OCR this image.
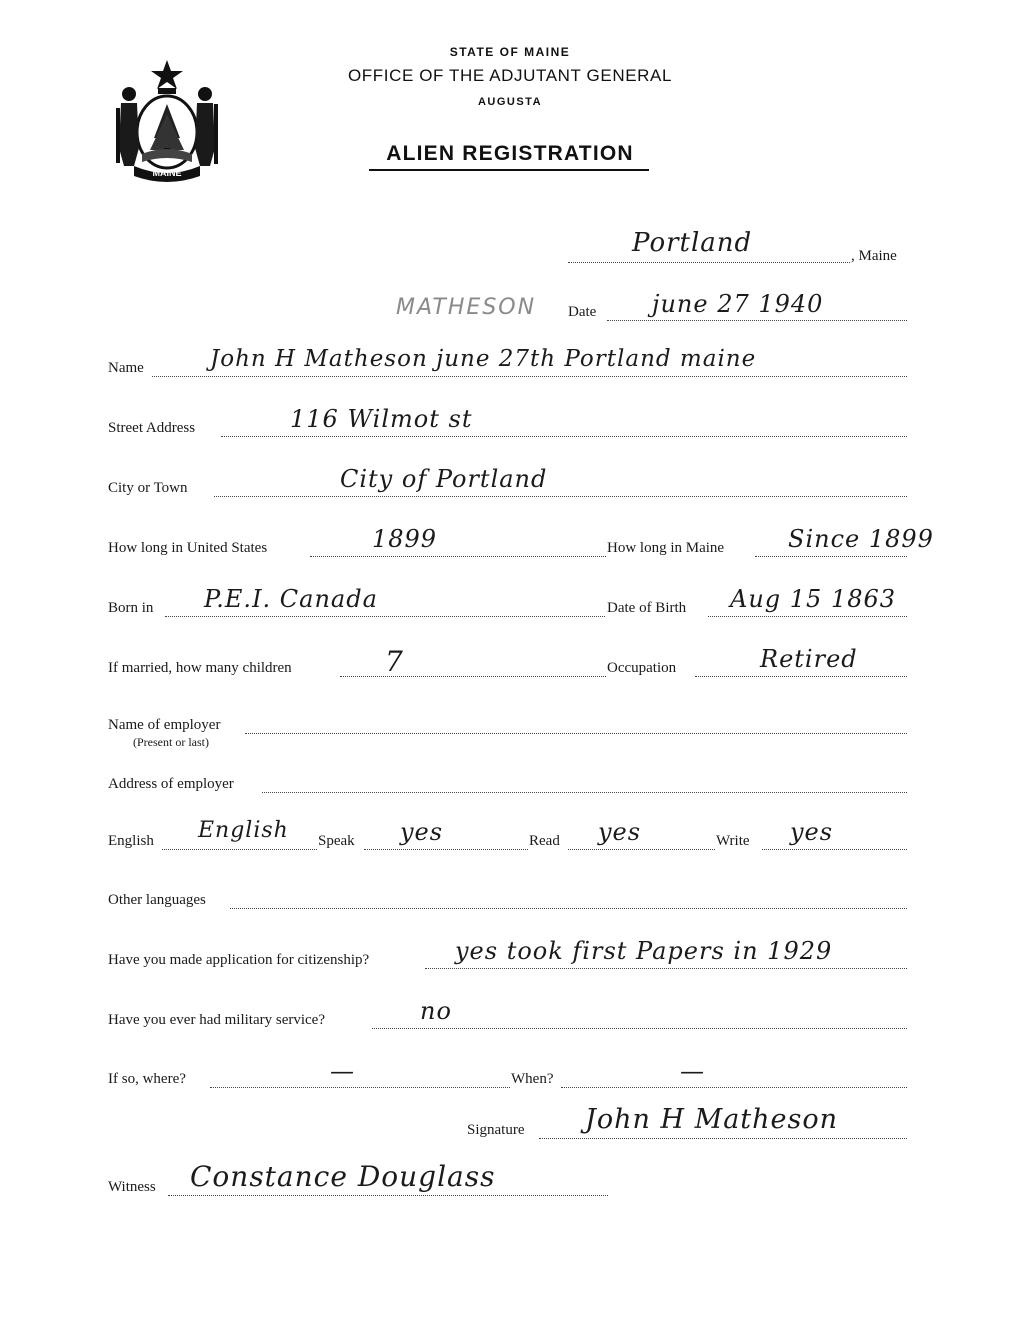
MAINE
STATE OF MAINE
OFFICE OF THE ADJUTANT GENERAL
AUGUSTA
ALIEN REGISTRATION
Portland	, Maine
MATHESON Date june 27 1940
Name	John H Matheson june 27th Portland maine
Street Address	116 Wilmot st
City or Town	City of Portland
How long in United States	1899	How long in Maine	Since 1899
Born in P.E.I. Canada	Date of Birth Aug 15 1863
If married, how many children	7	Occupation	Retired
Name of employer
(Present or last)
Address of employer
English English Speak yes	Read yes	Write yes
Other languages
Have you made application for citizenship?	yes took first Papers in 1929
Have you ever had military service?	no
If so, where?	—	When?	—
Signature John H Matheson
Witness Constance Douglass
